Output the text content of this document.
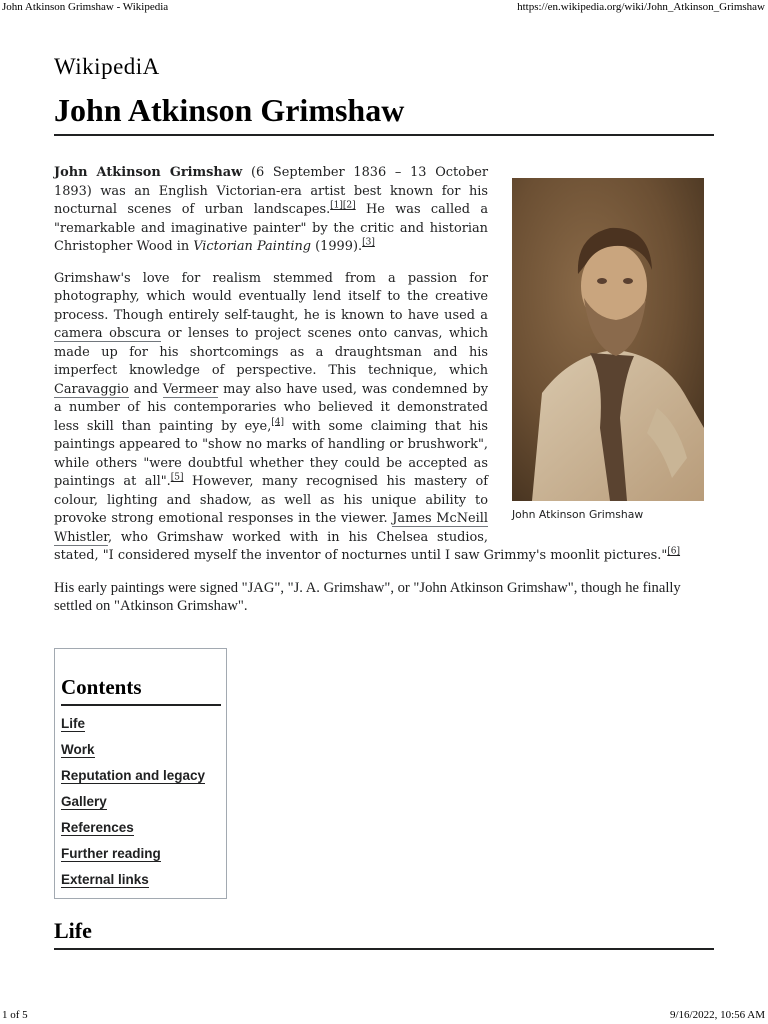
John Atkinson Grimshaw - Wikipedia	https://en.wikipedia.org/wiki/John_Atkinson_Grimshaw
WikipediA
John Atkinson Grimshaw
John Atkinson Grimshaw

John Atkinson Grimshaw (6 September 1836 – 13 October 1893) was an English Victorian-era artist best known for his nocturnal scenes of urban landscapes.[1][2] He was called a "remarkable and imaginative painter" by the critic and historian Christopher Wood in Victorian Painting (1999).[3]

Grimshaw's love for realism stemmed from a passion for photography, which would eventually lend itself to the creative process. Though entirely self-taught, he is known to have used a camera obscura or lenses to project scenes onto canvas, which made up for his shortcomings as a draughtsman and his imperfect knowledge of perspective. This technique, which Caravaggio and Vermeer may also have used, was condemned by a number of his contemporaries who believed it demonstrated less skill than painting by eye,[4] with some claiming that his paintings appeared to "show no marks of handling or brushwork", while others "were doubtful whether they could be accepted as paintings at all".[5] However, many recognised his mastery of colour, lighting and shadow, as well as his unique ability to provoke strong emotional responses in the viewer. James McNeill Whistler, who Grimshaw worked with in his Chelsea studios, stated, "I considered myself the inventor of nocturnes until I saw Grimmy's moonlit pictures."[6]

His early paintings were signed "JAG", "J. A. Grimshaw", or "John Atkinson Grimshaw", though he finally settled on "Atkinson Grimshaw".

Contents
Life
Work
Reputation and legacy
Gallery
References
Further reading
External links
Life
1 of 5	9/16/2022, 10:56 AM
